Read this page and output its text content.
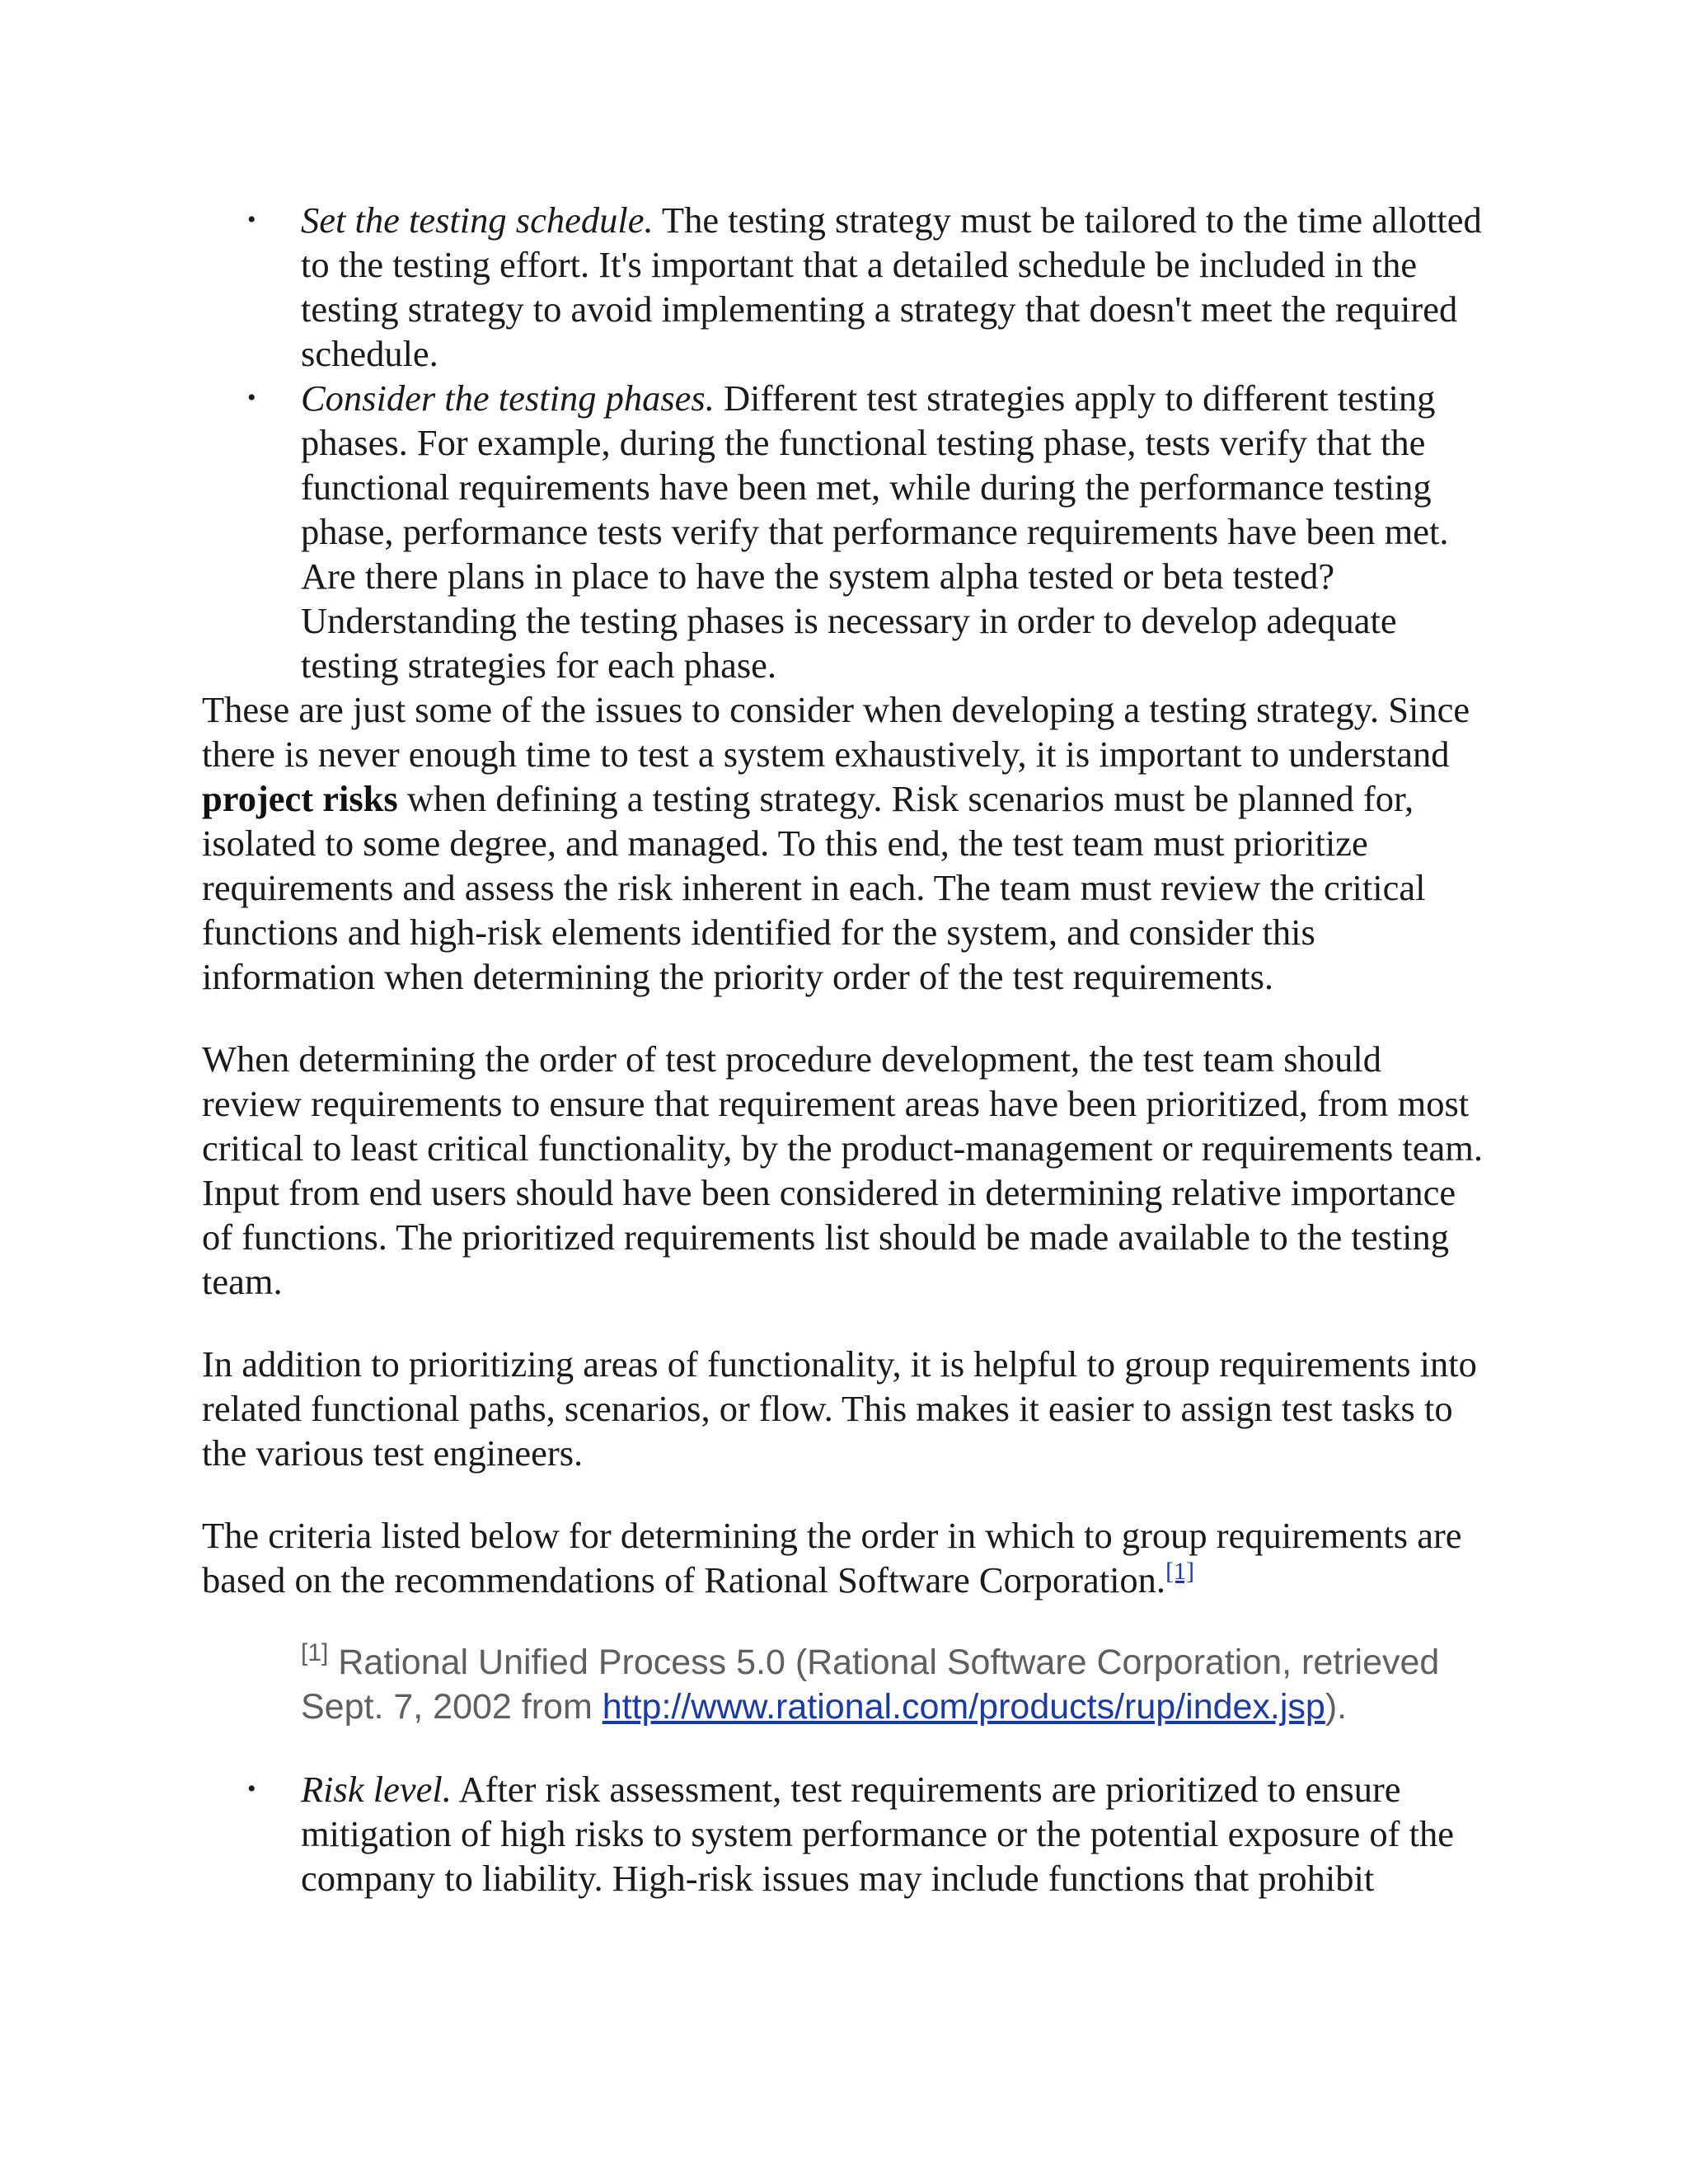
• Set the testing schedule. The testing strategy must be tailored to the time allotted to the testing effort. It's important that a detailed schedule be included in the testing strategy to avoid implementing a strategy that doesn't meet the required schedule.
• Consider the testing phases. Different test strategies apply to different testing phases. For example, during the functional testing phase, tests verify that the functional requirements have been met, while during the performance testing phase, performance tests verify that performance requirements have been met. Are there plans in place to have the system alpha tested or beta tested? Understanding the testing phases is necessary in order to develop adequate testing strategies for each phase.

These are just some of the issues to consider when developing a testing strategy. Since there is never enough time to test a system exhaustively, it is important to understand project risks when defining a testing strategy. Risk scenarios must be planned for, isolated to some degree, and managed. To this end, the test team must prioritize requirements and assess the risk inherent in each. The team must review the critical functions and high-risk elements identified for the system, and consider this information when determining the priority order of the test requirements.

When determining the order of test procedure development, the test team should review requirements to ensure that requirement areas have been prioritized, from most critical to least critical functionality, by the product-management or requirements team. Input from end users should have been considered in determining relative importance of functions. The prioritized requirements list should be made available to the testing team.

In addition to prioritizing areas of functionality, it is helpful to group requirements into related functional paths, scenarios, or flow. This makes it easier to assign test tasks to the various test engineers.

The criteria listed below for determining the order in which to group requirements are based on the recommendations of Rational Software Corporation.[1]

[1] Rational Unified Process 5.0 (Rational Software Corporation, retrieved Sept. 7, 2002 from http://www.rational.com/products/rup/index.jsp).
• Risk level. After risk assessment, test requirements are prioritized to ensure mitigation of high risks to system performance or the potential exposure of the company to liability. High-risk issues may include functions that prohibit
